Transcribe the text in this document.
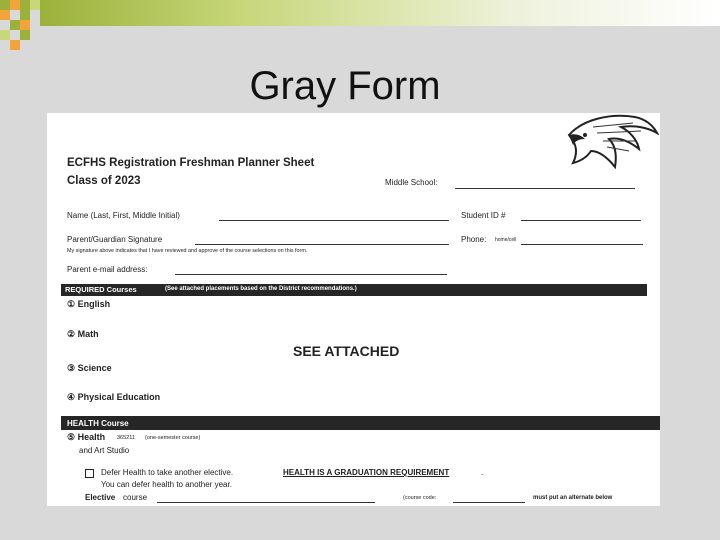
Gray Form
ECFHS Registration Freshman Planner Sheet
Class of 2023	Middle School:
Name (Last, First, Middle Initial)	Student ID #
Parent/Guardian Signature	Phone: home/cell
My signature above indicates that I have reviewed and approve of the course selections on this form.
Parent e-mail address:
REQUIRED Courses	(See attached placements based on the District recommendations.)
① English
② Math
③ Science
④ Physical Education
SEE ATTACHED
HEALTH Course
⑤ Health 365211 (one-semester course)
and Art Studio
Defer Health to take another elective.	HEALTH IS A GRADUATION REQUIREMENT	.
You can defer health to another year.
Elective course	(course code:	must put an alternate below
